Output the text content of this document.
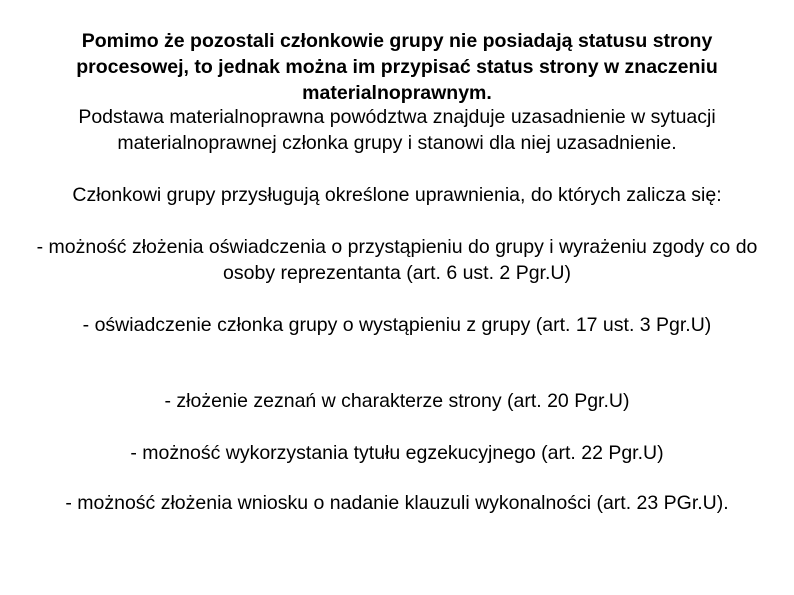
Pomimo że pozostali członkowie grupy nie posiadają statusu strony procesowej, to jednak można im przypisać status strony w znaczeniu materialnoprawnym.

Podstawa materialnoprawna powództwa znajduje uzasadnienie w sytuacji materialnoprawnej członka grupy i stanowi dla niej uzasadnienie.

Członkowi grupy przysługują określone uprawnienia, do których zalicza się:

- możność złożenia oświadczenia o przystąpieniu do grupy i wyrażeniu zgody co do osoby reprezentanta (art. 6 ust. 2 Pgr.U)

- oświadczenie członka grupy o wystąpieniu z grupy (art. 17 ust. 3 Pgr.U)

- złożenie zeznań w charakterze strony (art. 20 Pgr.U)

- możność wykorzystania tytułu egzekucyjnego (art. 22 Pgr.U)

- możność złożenia wniosku o nadanie klauzuli wykonalności (art. 23 PGr.U).
